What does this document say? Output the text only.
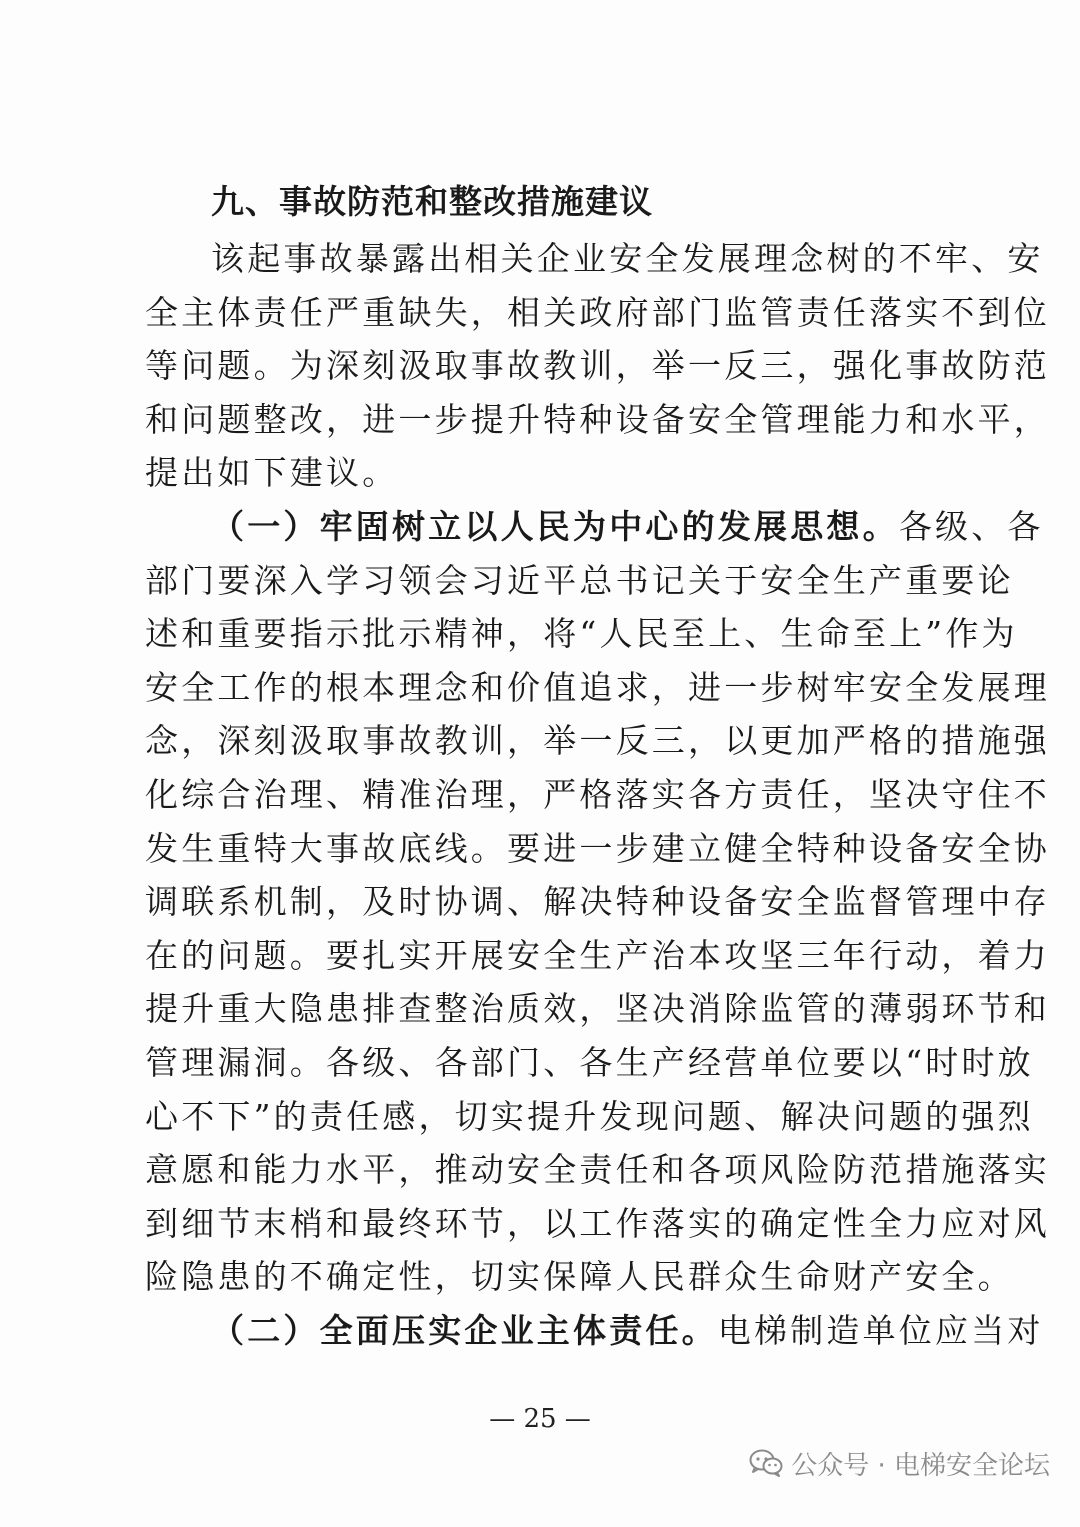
九、事故防范和整改措施建议
该起事故暴露出相关企业安全发展理念树的不牢、安
全主体责任严重缺失，相关政府部门监管责任落实不到位
等问题。为深刻汲取事故教训，举一反三，强化事故防范
和问题整改，进一步提升特种设备安全管理能力和水平，
提出如下建议。
（一）牢固树立以人民为中心的发展思想。各级、各
部门要深入学习领会习近平总书记关于安全生产重要论
述和重要指示批示精神，将“人民至上、生命至上”作为
安全工作的根本理念和价值追求，进一步树牢安全发展理
念，深刻汲取事故教训，举一反三，以更加严格的措施强
化综合治理、精准治理，严格落实各方责任，坚决守住不
发生重特大事故底线。要进一步建立健全特种设备安全协
调联系机制，及时协调、解决特种设备安全监督管理中存
在的问题。要扎实开展安全生产治本攻坚三年行动，着力
提升重大隐患排查整治质效，坚决消除监管的薄弱环节和
管理漏洞。各级、各部门、各生产经营单位要以“时时放
心不下”的责任感，切实提升发现问题、解决问题的强烈
意愿和能力水平，推动安全责任和各项风险防范措施落实
到细节末梢和最终环节，以工作落实的确定性全力应对风
险隐患的不确定性，切实保障人民群众生命财产安全。
（二）全面压实企业主体责任。电梯制造单位应当对
— 25 —
公众号 · 电梯安全论坛
